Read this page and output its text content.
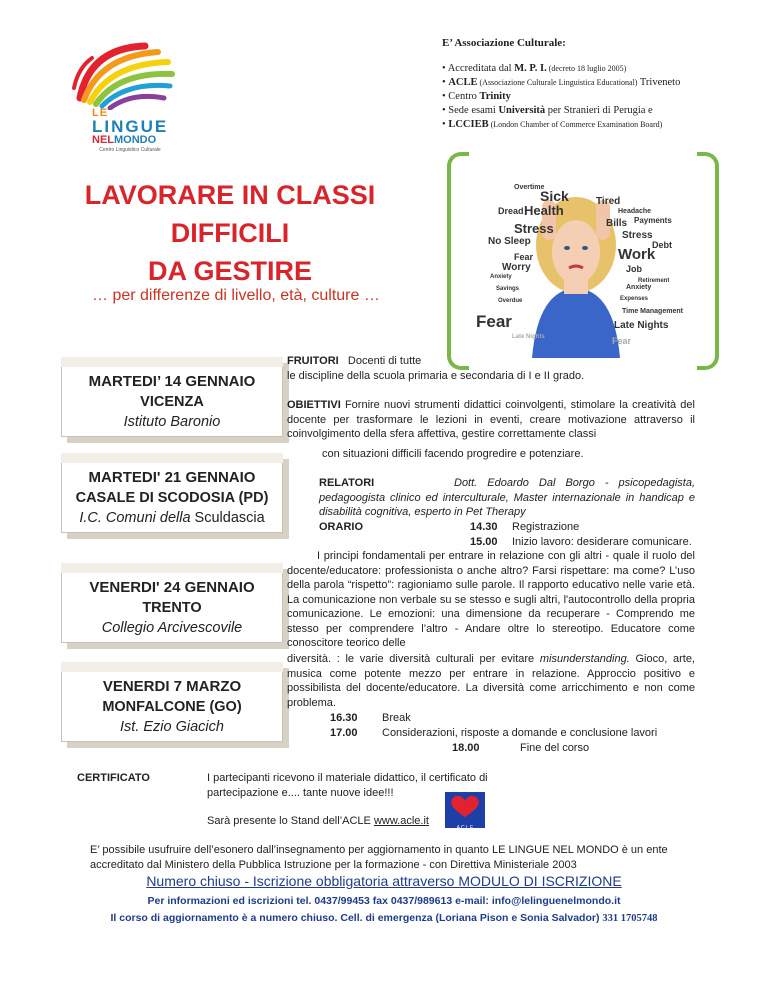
LE
LINGUE
NELMONDO
Centro Linguistico Culturale
E’ Associazione Culturale:
• Accreditata dal M. P. I. (decreto 18 luglio 2005)
• ACLE (Associazione Culturale Linguistica Educational) Triveneto
• Centro Trinity
• Sede esami Università per Stranieri di Perugia e
• LCCIEB (London Chamber of Commerce Examination Board)
LAVORARE IN CLASSI
DIFFICILI
DA GESTIRE
… per differenze di livello, età, culture …
Overtime
Sick	Tired
Dread Health	Headache
Bills Payments
Stress	Stress
No Sleep	Debt
Fear	Work
Worry	Job
Anxiety
Retirement
Savings	Anxiety
Expenses
Overdue
Time Management
Fear	Late Nights
Late Nights	Fear
MARTEDI’ 14 GENNAIO
VICENZA
Istituto Baronio
MARTEDI' 21 GENNAIO
CASALE DI SCODOSIA (PD)
I.C. Comuni della Sculdascia
VENERDI' 24 GENNAIO
TRENTO
Collegio Arcivescovile
VENERDI 7 MARZO
MONFALCONE (GO)
Ist. Ezio Giacich
FRUITORI Docenti di tutte
le discipline della scuola primaria e secondaria di I e II grado.
OBIETTIVI Fornire nuovi strumenti didattici coinvolgenti, stimolare la creatività del docente per trasformare le lezioni in eventi, creare motivazione attraverso il coinvolgimento della sfera affettiva, gestire correttamente classi
con situazioni difficili facendo progredire e potenziare.
RELATORI	Dott. Edoardo Dal Borgo - psicopedagista, pedagoogista clinico ed interculturale, Master internazionale in handicap e disabilità cognitiva, esperto in Pet Therapy
ORARIO	14.30 Registrazione
15.00 Inizio lavoro: desiderare comunicare.
I principi fondamentali per entrare in relazione con gli altri - quale il ruolo del docente/educatore: professionista o anche altro? Farsi rispettare: ma come? L’uso della parola “rispetto”: ragioniamo sulle parole. Il rapporto educativo nelle varie età. La comunicazione non verbale su se stesso e sugli altri, l'autocontrollo della propria comunicazione. Le emozioni: una dimensione da recuperare - Comprendo me stesso per comprendere l’altro - Andare oltre lo stereotipo. Educatore come conoscitore teorico delle
diversità. : le varie diversità culturali per evitare misunderstanding. Gioco, arte, musica come potente mezzo per entrare in relazione. Approccio positivo e possibilista del docente/educatore. La diversità come arricchimento e non come problema.
16.30 Break
17.00 Considerazioni, risposte a domande e conclusione lavori
18.00	Fine del corso
CERTIFICATO	I partecipanti ricevono il materiale didattico, il certificato di partecipazione e.... tante nuove idee!!!
Sarà presente lo Stand dell’ACLE www.acle.it
A C L E
E’ possibile usufruire dell’esonero dall’insegnamento per aggiornamento in quanto LE LINGUE NEL MONDO è un ente accreditato dal Ministero della Pubblica Istruzione per la formazione - con Direttiva Ministeriale 2003
Numero chiuso - Iscrizione obbligatoria attraverso MODULO DI ISCRIZIONE
Per informazioni ed iscrizioni tel. 0437/99453 fax 0437/989613 e-mail: info@lelinguenelmondo.it
Il corso di aggiornamento è a numero chiuso. Cell. di emergenza (Loriana Pison e Sonia Salvador) 331 1705748
